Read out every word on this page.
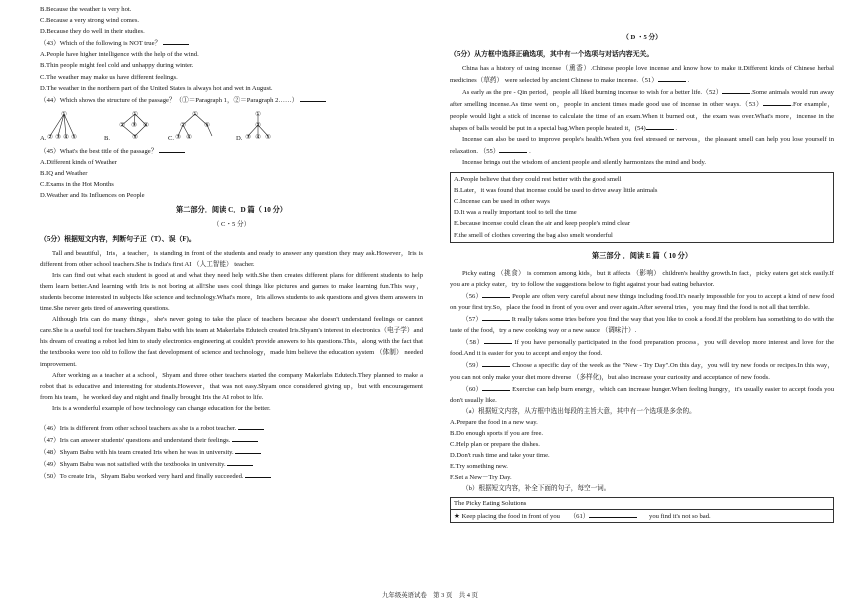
B.Because the weather is very hot.
C.Because a very strong wind comes.
D.Because they do well in their studies.
（43）Which of the following is NOT true？
A.People have higher intelligence with the help of the wind.
B.Thin people might feel cold and unhappy during winter.
C.The weather may make us have different feelings.
D.The weather in the northern part of the United States is always hot and wet in August.
（44）Which shows the structure of the passage？（①＝Paragraph 1，②＝Paragraph 2……）
①
② ③ ④ ⑤
①
② ③ ④
⑤
①
②	⑤
③ ④
①
②
③ ④ ⑤
A.	B.	C.	D.
（45）What's the best title of the passage？
A.Different kinds of Weather
B.IQ and Weather
C.Exams in the Hot Months
D.Weather and Its Influences on People
第二部分．阅读 C．D 篇（ 10 分）
（ C・5 分）
（5分）根据短文内容，判断句子正（T）、误（F)。

Tall and beautiful，Iris，a teacher，is standing in front of the students and ready to answer any question they may ask.However，Iris is different from other school teachers.She is India's first AI （人工智能） teacher.

Iris can find out what each student is good at and what they need help with.She then creates different plans for different students to help them learn better.And learning with Iris is not boring at all!She uses cool things like pictures and games to make learning fun.This way，students become interested in subjects like science and technology.What's more，Iris allows students to ask questions and gives them answers in time.She never gets tired of answering questions.

Although Iris can do many things，she's never going to take the place of teachers because she doesn't understand feelings or cannot care.She is a useful tool for teachers.Shyam Babu with his team at Makerlabs Edutech created Iris.Shyam's interest in electronics（电子学）and his dream of creating a robot led him to study electronics engineering at couldn't provide answers to his questions.This，along with the fact that the textbooks were too old to follow the fast development of science and technology，made him believe the education system （体制） needed improvement.

After working as a teacher at a school，Shyam and three other teachers started the company Makerlabs Edutech.They planned to make a robot that is educative and interesting for students.However，that was not easy.Shyam once considered giving up，but with encouragement from his team，he worked day and night and finally brought Iris the AI robot to life.

Iris is a wonderful example of how technology can change education for the better.

（46）Iris is different from other school teachers as she is a robot teacher.
（47）Iris can answer students' questions and understand their feelings.
（48）Shyam Babu with his team created Iris when he was in university.
（49）Shyam Babu was not satisfied with the textbooks in university.
（50）To create Iris，Shyam Babu worked very hard and finally succeeded.
（ D ・5 分）
（5分）从方框中选择正确选项，其中有一个选项与对话内容无关。

China has a history of using incense（熏香）.Chinese people love incense and know how to make it.Different kinds of Chinese herbal medicines（草药） were selected by ancient Chinese to make incense.（51）	.

As early as the pre - Qin period，people all liked burning incense to wish for a better life.（52）	.Some animals would run away after smelling incense.As time went on，people in ancient times made good use of incense in other ways.（53）	.For example，people would light a stick of incense to calculate the time of an exam.When it burned out，the exam was over.What's more，incense in the shapes of balls would be put in a special bag.When people heated it，(54)	.

Incense can also be used to improve people's health.When you feel stressed or nervous，the pleasant smell can help you lose yourself in relaxation. （55）	.

Incense brings out the wisdom of ancient people and silently harmonizes the mind and body.

A.People believe that they could rest better with the good smell
B.Later，it was found that incense could be used to drive away little animals
C.Incense can be used in other ways
D.It was a really important tool to tell the time
E.because incense could clean the air and keep people's mind clear
F.the smell of clothes covering the bag also smelt wonderful
第三部分 ．阅读 E 篇（ 10 分）

Picky eating （挑食） is common among kids，but it affects （影响） children's healthy growth.In fact，picky eaters get sick easily.If you are a picky eater，try to follow the suggestions below to fight against your bad eating behavior.

（56）	People are often very careful about new things including food.It's nearly impossible for you to accept a kind of new food on your first try.So，place the food in front of you over and over again.After several tries，you may find the food is not all that terrible.

（57）	It really takes some tries before you find the way that you like to cook a food.If the problem has something to do with the taste of the food，try a new cooking way or a new sauce （调味汁）.

（58）	If you have personally participated in the food preparation process，you will develop more interest and love for the food.And it is easier for you to accept and enjoy the food.

（59）	Choose a specific day of the week as the "New - Try Day".On this day，you will try new foods or recipes.In this way，you can not only make your diet more diverse （多样化)，but also increase your curiosity and acceptance of new foods.

（60）	Exercise can help burn energy，which can increase hunger.When feeling hungry，it's usually easier to accept foods you don't usually like.

（a）根据短文内容，从方框中选出每段的主旨大意，其中有一个选项是多余的。
A.Prepare the food in a new way.
B.Do enough sports if you are free.
C.Help plan or prepare the dishes.
D.Don't rush time and take your time.
E.Try something new.
F.Set a New－Try Day.
（b）根据短文内容，补全下面的句子，每空一词。
The Picky Eating Solutions
★ Keep placing the food in front of you （61）	you find it's not so bad.
九年级英语试卷　第 3 页　共 4 页
